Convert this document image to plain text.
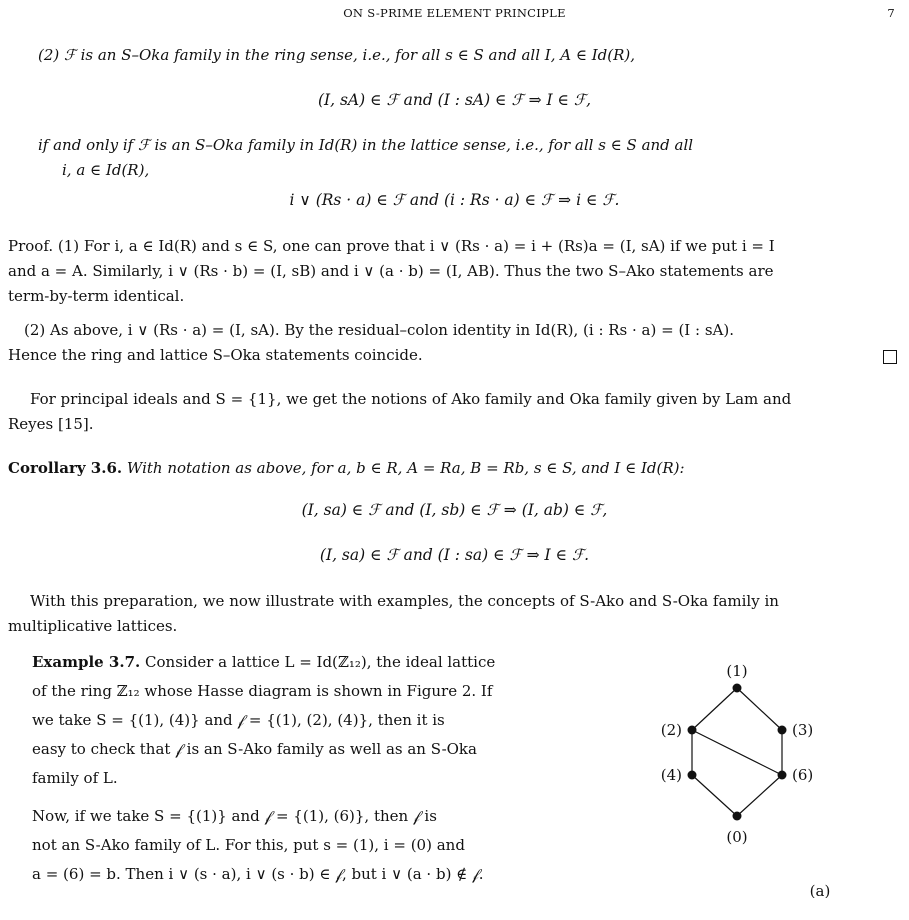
ON S-PRIME ELEMENT PRINCIPLE	7
(2) ℱ is an S–Oka family in the ring sense, i.e., for all s ∈ S and all I, A ∈ Id(R),
(I, sA) ∈ ℱ and (I : sA) ∈ ℱ ⇒ I ∈ ℱ,
if and only if ℱ is an S–Oka family in Id(R) in the lattice sense, i.e., for all s ∈ S and all
i, a ∈ Id(R),
i ∨ (Rs · a) ∈ ℱ and (i : Rs · a) ∈ ℱ ⇒ i ∈ ℱ.
Proof. (1) For i, a ∈ Id(R) and s ∈ S, one can prove that i ∨ (Rs · a) = i + (Rs)a = (I, sA) if we put i = I
and a = A. Similarly, i ∨ (Rs · b) = (I, sB) and i ∨ (a · b) = (I, AB). Thus the two S–Ako statements are
term-by-term identical.
(2) As above, i ∨ (Rs · a) = (I, sA). By the residual–colon identity in Id(R), (i : Rs · a) = (I : sA).
Hence the ring and lattice S–Oka statements coincide.
For principal ideals and S = {1}, we get the notions of Ako family and Oka family given by Lam and
Reyes [15].
Corollary 3.6. With notation as above, for a, b ∈ R, A = Ra, B = Rb, s ∈ S, and I ∈ Id(R):
(I, sa) ∈ ℱ and (I, sb) ∈ ℱ ⇒ (I, ab) ∈ ℱ,
(I, sa) ∈ ℱ and (I : sa) ∈ ℱ ⇒ I ∈ ℱ.
With this preparation, we now illustrate with examples, the concepts of S-Ako and S-Oka family in
multiplicative lattices.
Example 3.7. Consider a lattice L = Id(ℤ₁₂), the ideal lattice
of the ring ℤ₁₂ whose Hasse diagram is shown in Figure 2. If
we take S = {(1), (4)} and 𝒻 = {(1), (2), (4)}, then it is
easy to check that 𝒻 is an S-Ako family as well as an S-Oka
family of L.
Now, if we take S = {(1)} and 𝒻 = {(1), (6)}, then 𝒻 is
not an S-Ako family of L. For this, put s = (1), i = (0) and
a = (6) = b. Then i ∨ (s · a), i ∨ (s · b) ∈ 𝒻, but i ∨ (a · b) ∉ 𝒻.
(1)
(2)	(3)
(4)	(6)
(0)
(a)
